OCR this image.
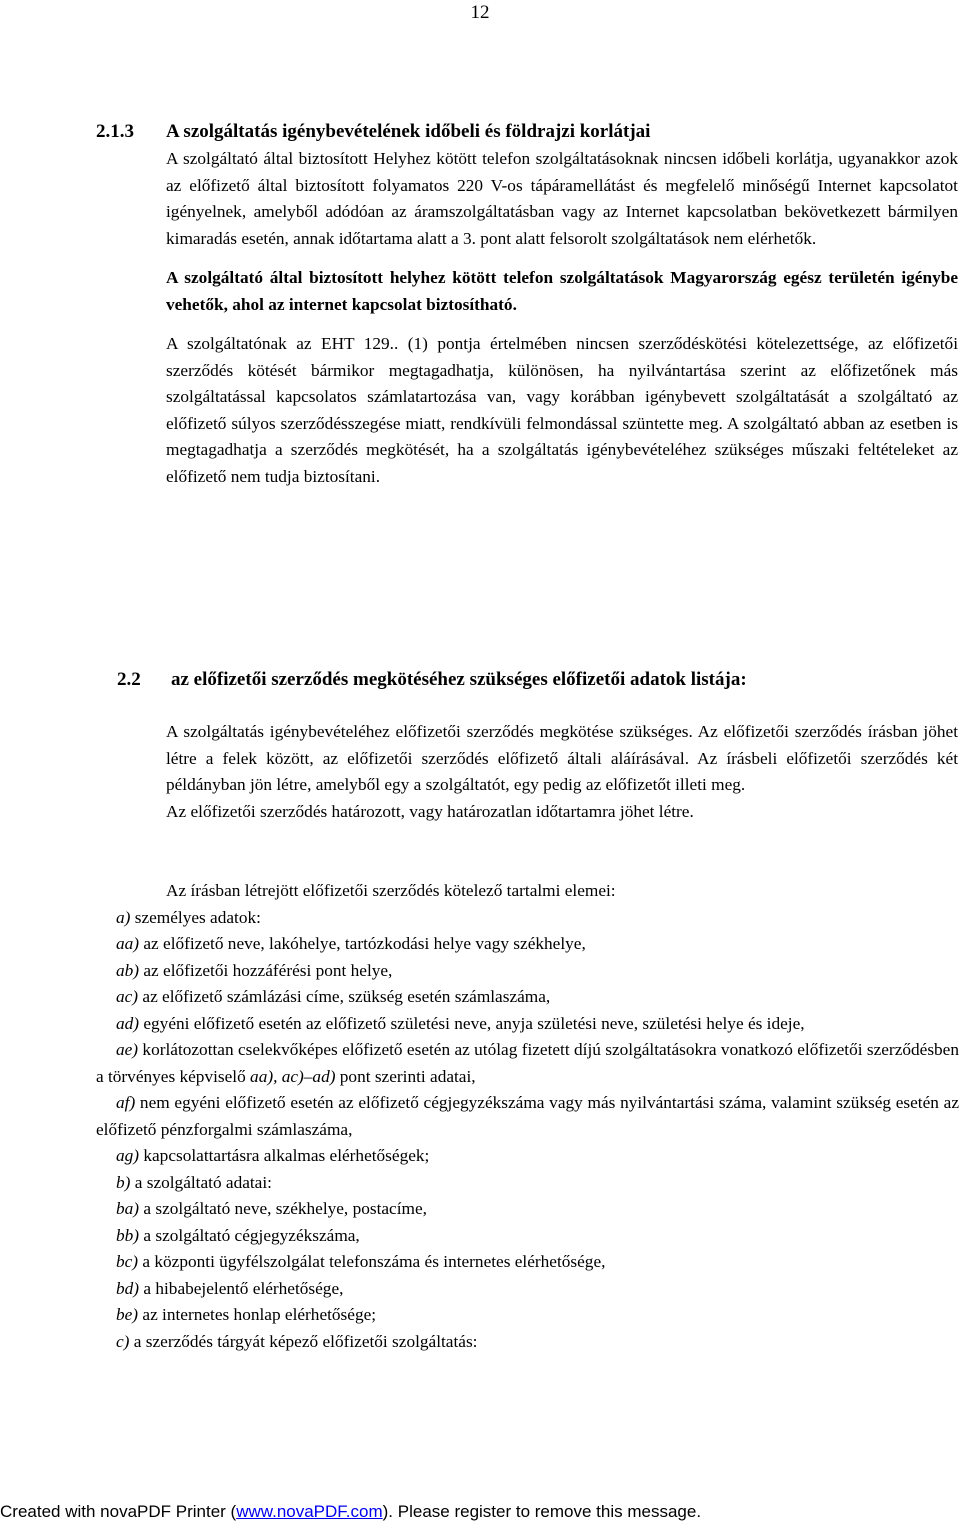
12
2.1.3 A szolgáltatás igénybevételének időbeli és földrajzi korlátjai

A szolgáltató által biztosított Helyhez kötött telefon szolgáltatásoknak nincsen időbeli korlátja, ugyanakkor azok az előfizető által biztosított folyamatos 220 V-os tápáramellátást és megfelelő minőségű Internet kapcsolatot igényelnek, amelyből adódóan az áramszolgáltatásban vagy az Internet kapcsolatban bekövetkezett bármilyen kimaradás esetén, annak időtartama alatt a 3. pont alatt felsorolt szolgáltatások nem elérhetők.

A szolgáltató által biztosított helyhez kötött telefon szolgáltatások Magyarország egész területén igénybe vehetők, ahol az internet kapcsolat biztosítható.

A szolgáltatónak az EHT 129.. (1) pontja értelmében nincsen szerződéskötési kötelezettsége, az előfizetői szerződés kötését bármikor megtagadhatja, különösen, ha nyilvántartása szerint az előfizetőnek más szolgáltatással kapcsolatos számlatartozása van, vagy korábban igénybevett szolgáltatását a szolgáltató az előfizető súlyos szerződésszegése miatt, rendkívüli felmondással szüntette meg. A szolgáltató abban az esetben is megtagadhatja a szerződés megkötését, ha a szolgáltatás igénybevételéhez szükséges műszaki feltételeket az előfizető nem tudja biztosítani.

2.2 az előfizetői szerződés megkötéséhez szükséges előfizetői adatok listája:

A szolgáltatás igénybevételéhez előfizetői szerződés megkötése szükséges. Az előfizetői szerződés írásban jöhet létre a felek között, az előfizetői szerződés előfizető általi aláírásával. Az írásbeli előfizetői szerződés két példányban jön létre, amelyből egy a szolgáltatót, egy pedig az előfizetőt illeti meg.

Az előfizetői szerződés határozott, vagy határozatlan időtartamra jöhet létre.

Az írásban létrejött előfizetői szerződés kötelező tartalmi elemei:

a) személyes adatok:

aa) az előfizető neve, lakóhelye, tartózkodási helye vagy székhelye,

ab) az előfizetői hozzáférési pont helye,

ac) az előfizető számlázási címe, szükség esetén számlaszáma,

ad) egyéni előfizető esetén az előfizető születési neve, anyja születési neve, születési helye és ideje,

ae) korlátozottan cselekvőképes előfizető esetén az utólag fizetett díjú szolgáltatásokra vonatkozó előfizetői szerződésben a törvényes képviselő aa), ac)–ad) pont szerinti adatai,

af) nem egyéni előfizető esetén az előfizető cégjegyzékszáma vagy más nyilvántartási száma, valamint szükség esetén az előfizető pénzforgalmi számlaszáma,

ag) kapcsolattartásra alkalmas elérhetőségek;

b) a szolgáltató adatai:

ba) a szolgáltató neve, székhelye, postacíme,

bb) a szolgáltató cégjegyzékszáma,

bc) a központi ügyfélszolgálat telefonszáma és internetes elérhetősége,

bd) a hibabejelentő elérhetősége,

be) az internetes honlap elérhetősége;

c) a szerződés tárgyát képező előfizetői szolgáltatás:

Created with novaPDF Printer (www.novaPDF.com). Please register to remove this message.
